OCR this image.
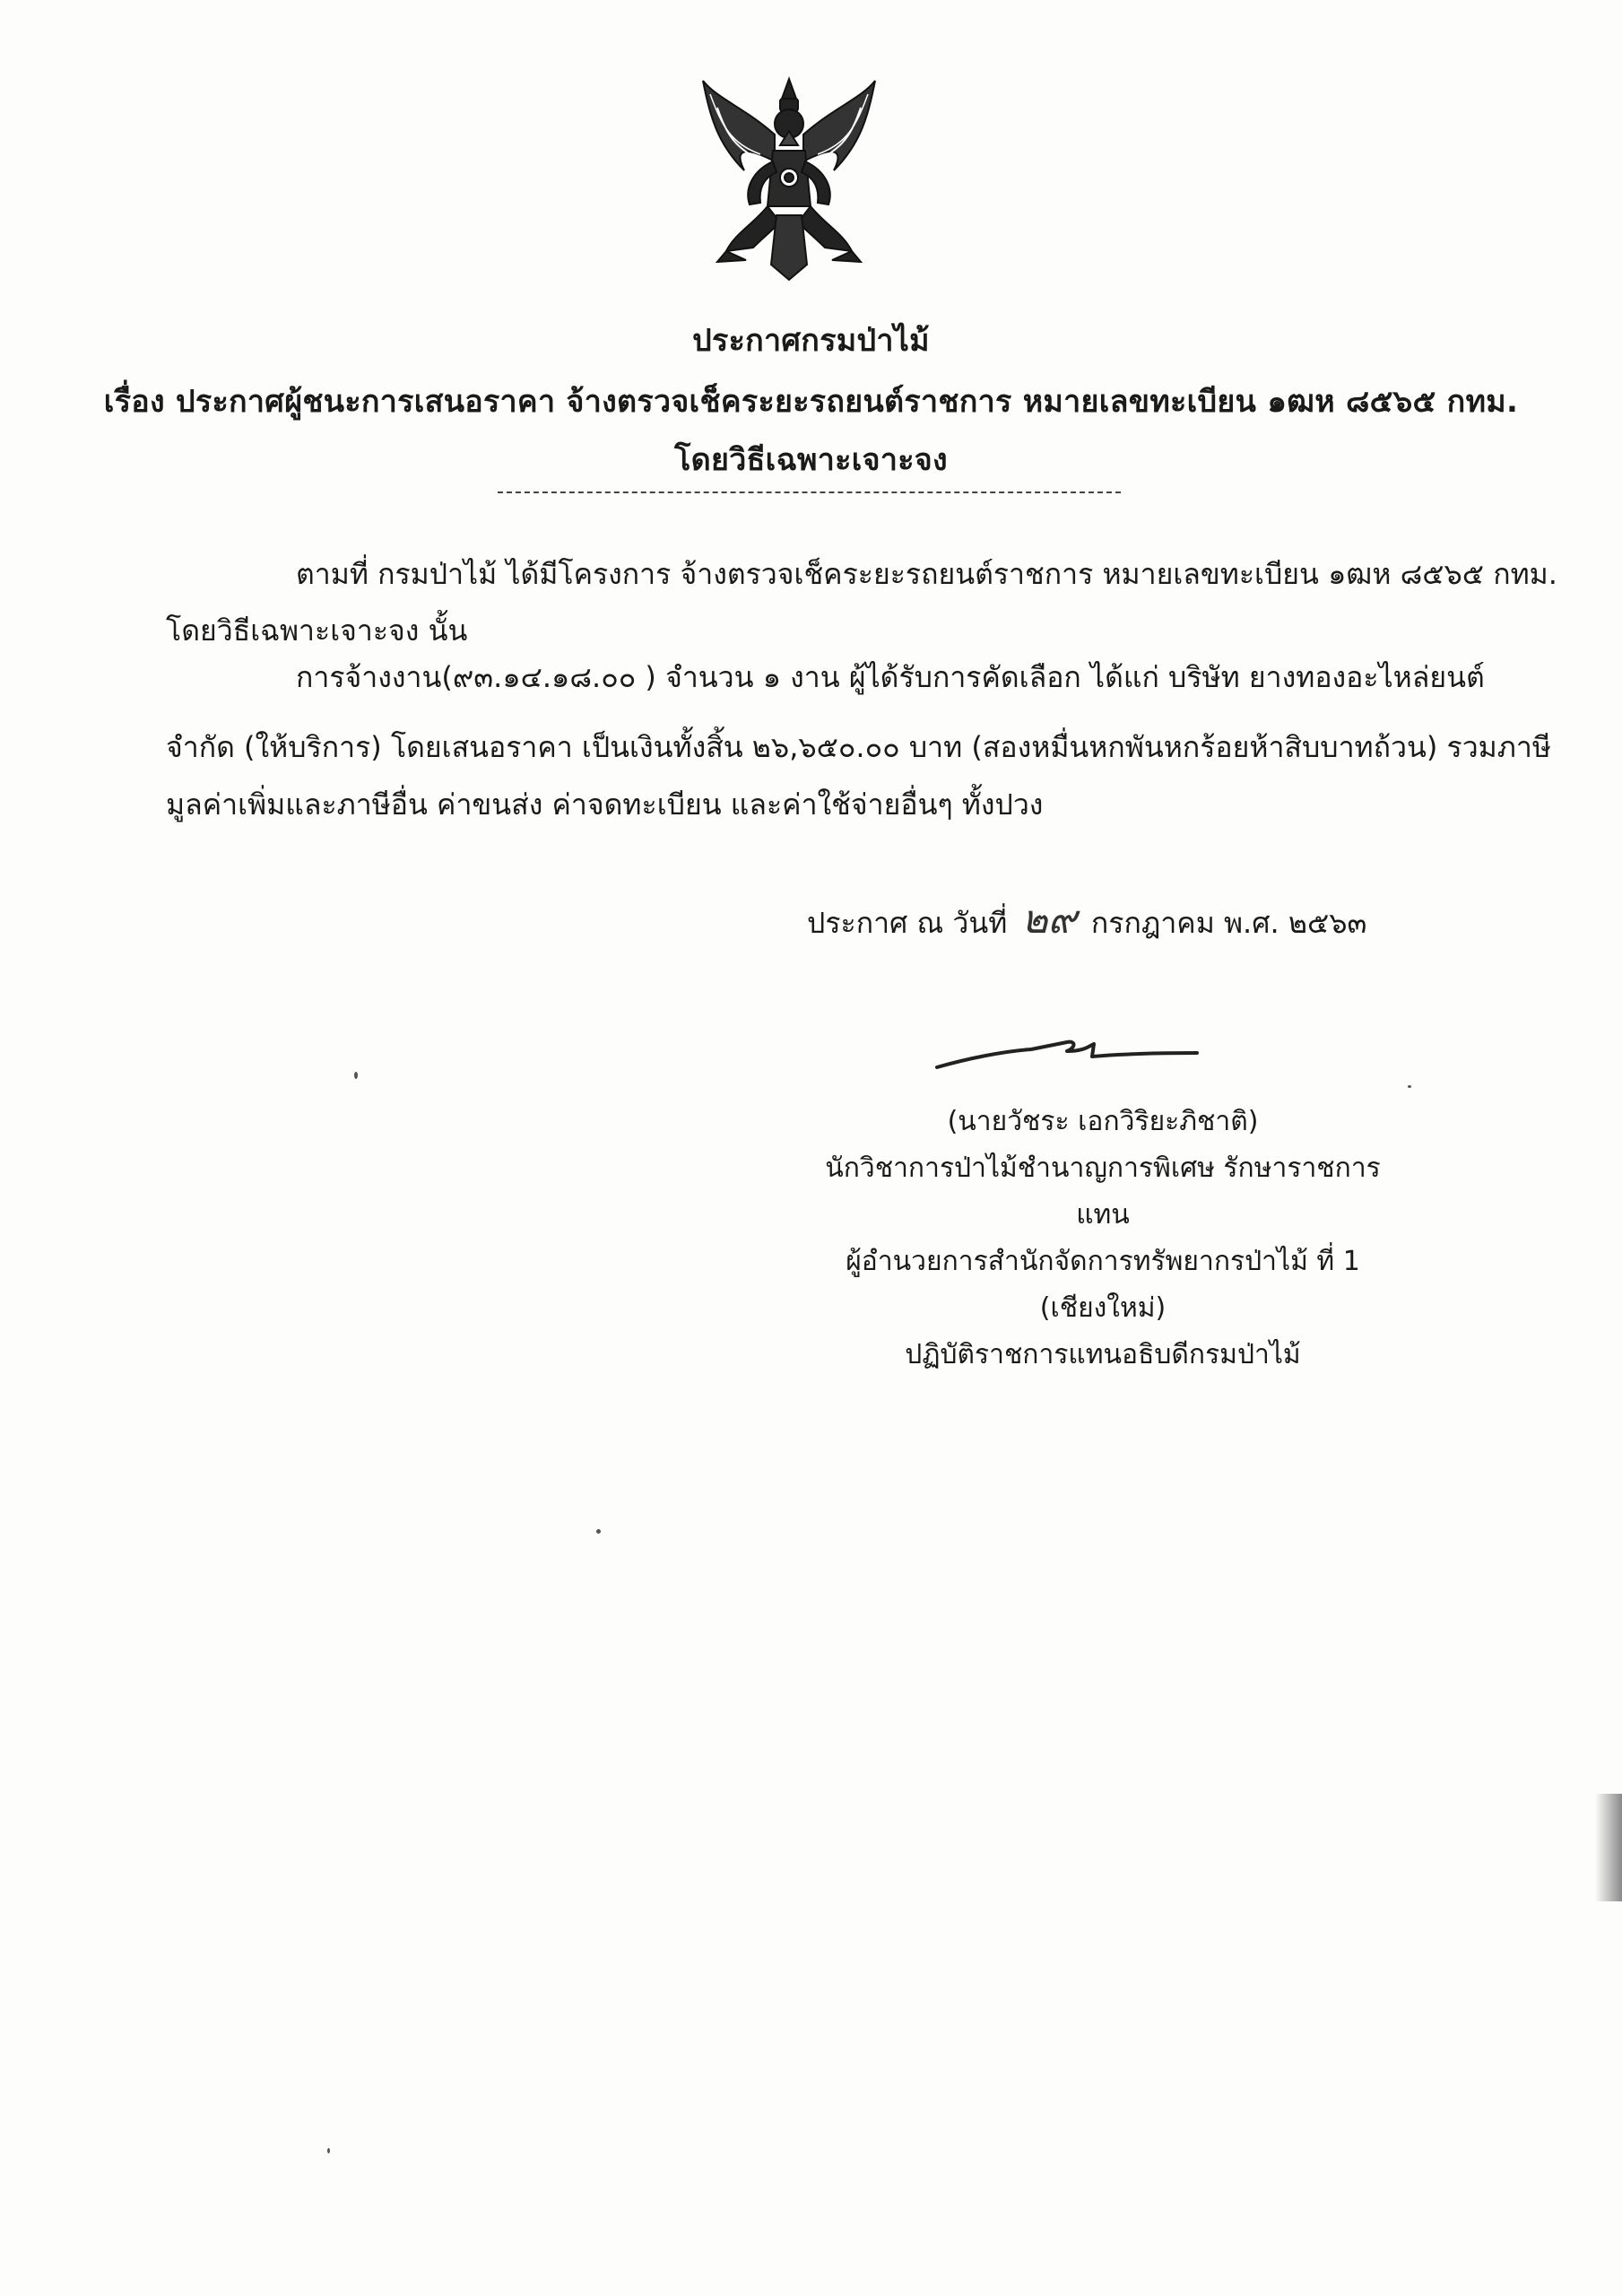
ประกาศกรมป่าไม้
เรื่อง ประกาศผู้ชนะการเสนอราคา จ้างตรวจเช็คระยะรถยนต์ราชการ หมายเลขทะเบียน ๑ฒห ๘๕๖๕ กทม.
โดยวิธีเฉพาะเจาะจง
ตามที่ กรมป่าไม้ ได้มีโครงการ จ้างตรวจเช็คระยะรถยนต์ราชการ หมายเลขทะเบียน ๑ฒห ๘๕๖๕ กทม.
โดยวิธีเฉพาะเจาะจง นั้น
การจ้างงาน(๙๓.๑๔.๑๘.๐๐ ) จำนวน ๑ งาน ผู้ได้รับการคัดเลือก ได้แก่ บริษัท ยางทองอะไหล่ยนต์
จำกัด (ให้บริการ) โดยเสนอราคา เป็นเงินทั้งสิ้น ๒๖,๖๕๐.๐๐ บาท (สองหมื่นหกพันหกร้อยห้าสิบบาทถ้วน) รวมภาษี
มูลค่าเพิ่มและภาษีอื่น ค่าขนส่ง ค่าจดทะเบียน และค่าใช้จ่ายอื่นๆ ทั้งปวง
ประกาศ ณ วันที่ ๒๙ กรกฎาคม พ.ศ. ๒๕๖๓
(นายวัชระ เอกวิริยะภิชาติ)
นักวิชาการป่าไม้ชำนาญการพิเศษ รักษาราชการแทน
ผู้อำนวยการสำนักจัดการทรัพยากรป่าไม้ ที่ 1 (เชียงใหม่)
ปฏิบัติราชการแทนอธิบดีกรมป่าไม้
